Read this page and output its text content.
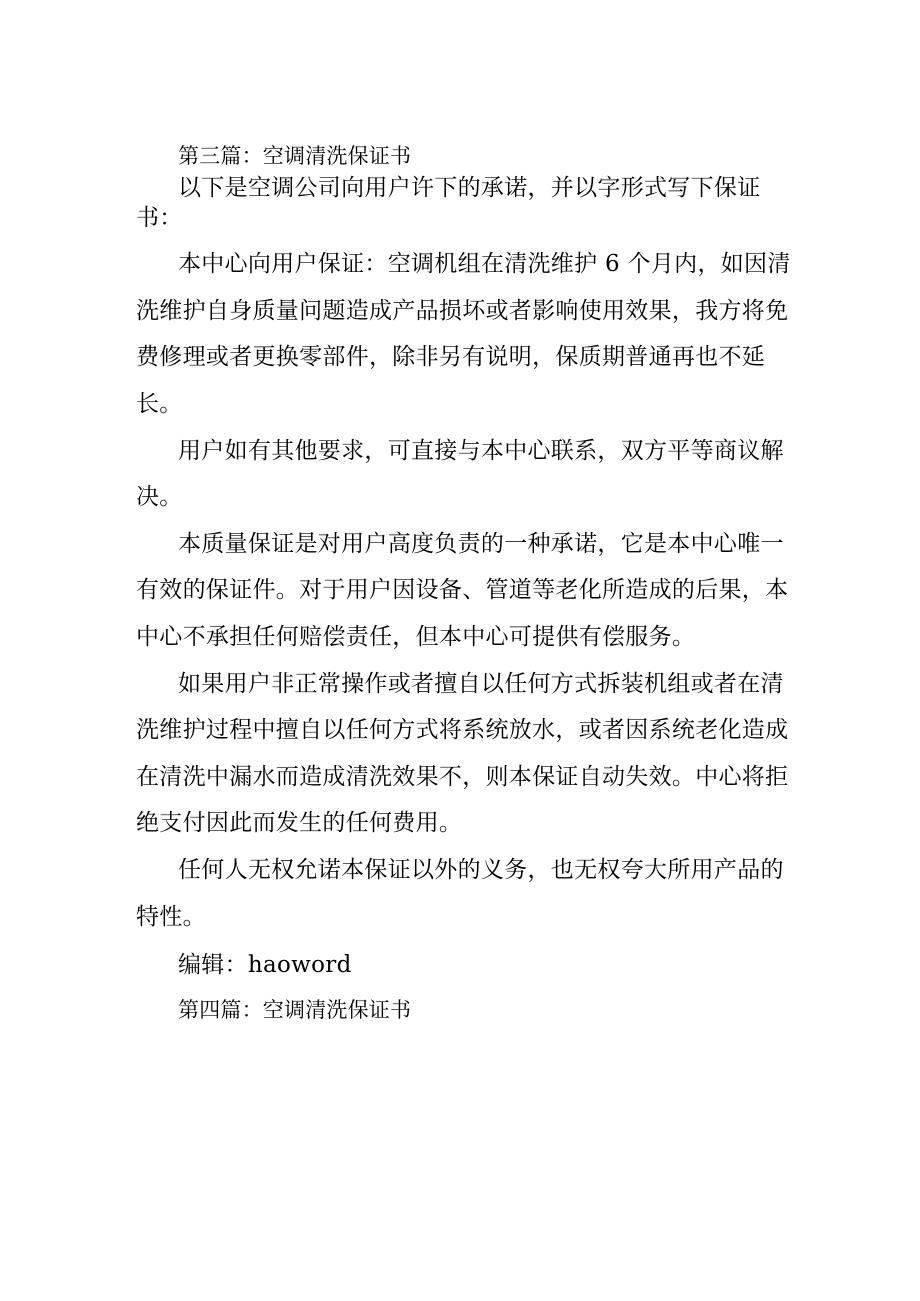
第三篇：空调清洗保证书
以下是空调公司向用户许下的承诺，并以字形式写下保证
书：
本中心向用户保证：空调机组在清洗维护 6 个月内，如因清
洗维护自身质量问题造成产品损坏或者影响使用效果，我方将免
费修理或者更换零部件，除非另有说明，保质期普通再也不延
长。
用户如有其他要求，可直接与本中心联系，双方平等商议解
决。
本质量保证是对用户高度负责的一种承诺，它是本中心唯一
有效的保证件。对于用户因设备、管道等老化所造成的后果，本
中心不承担任何赔偿责任，但本中心可提供有偿服务。
如果用户非正常操作或者擅自以任何方式拆装机组或者在清
洗维护过程中擅自以任何方式将系统放水，或者因系统老化造成
在清洗中漏水而造成清洗效果不，则本保证自动失效。中心将拒
绝支付因此而发生的任何费用。
任何人无权允诺本保证以外的义务，也无权夸大所用产品的
特性。
编辑：haoword
第四篇：空调清洗保证书
